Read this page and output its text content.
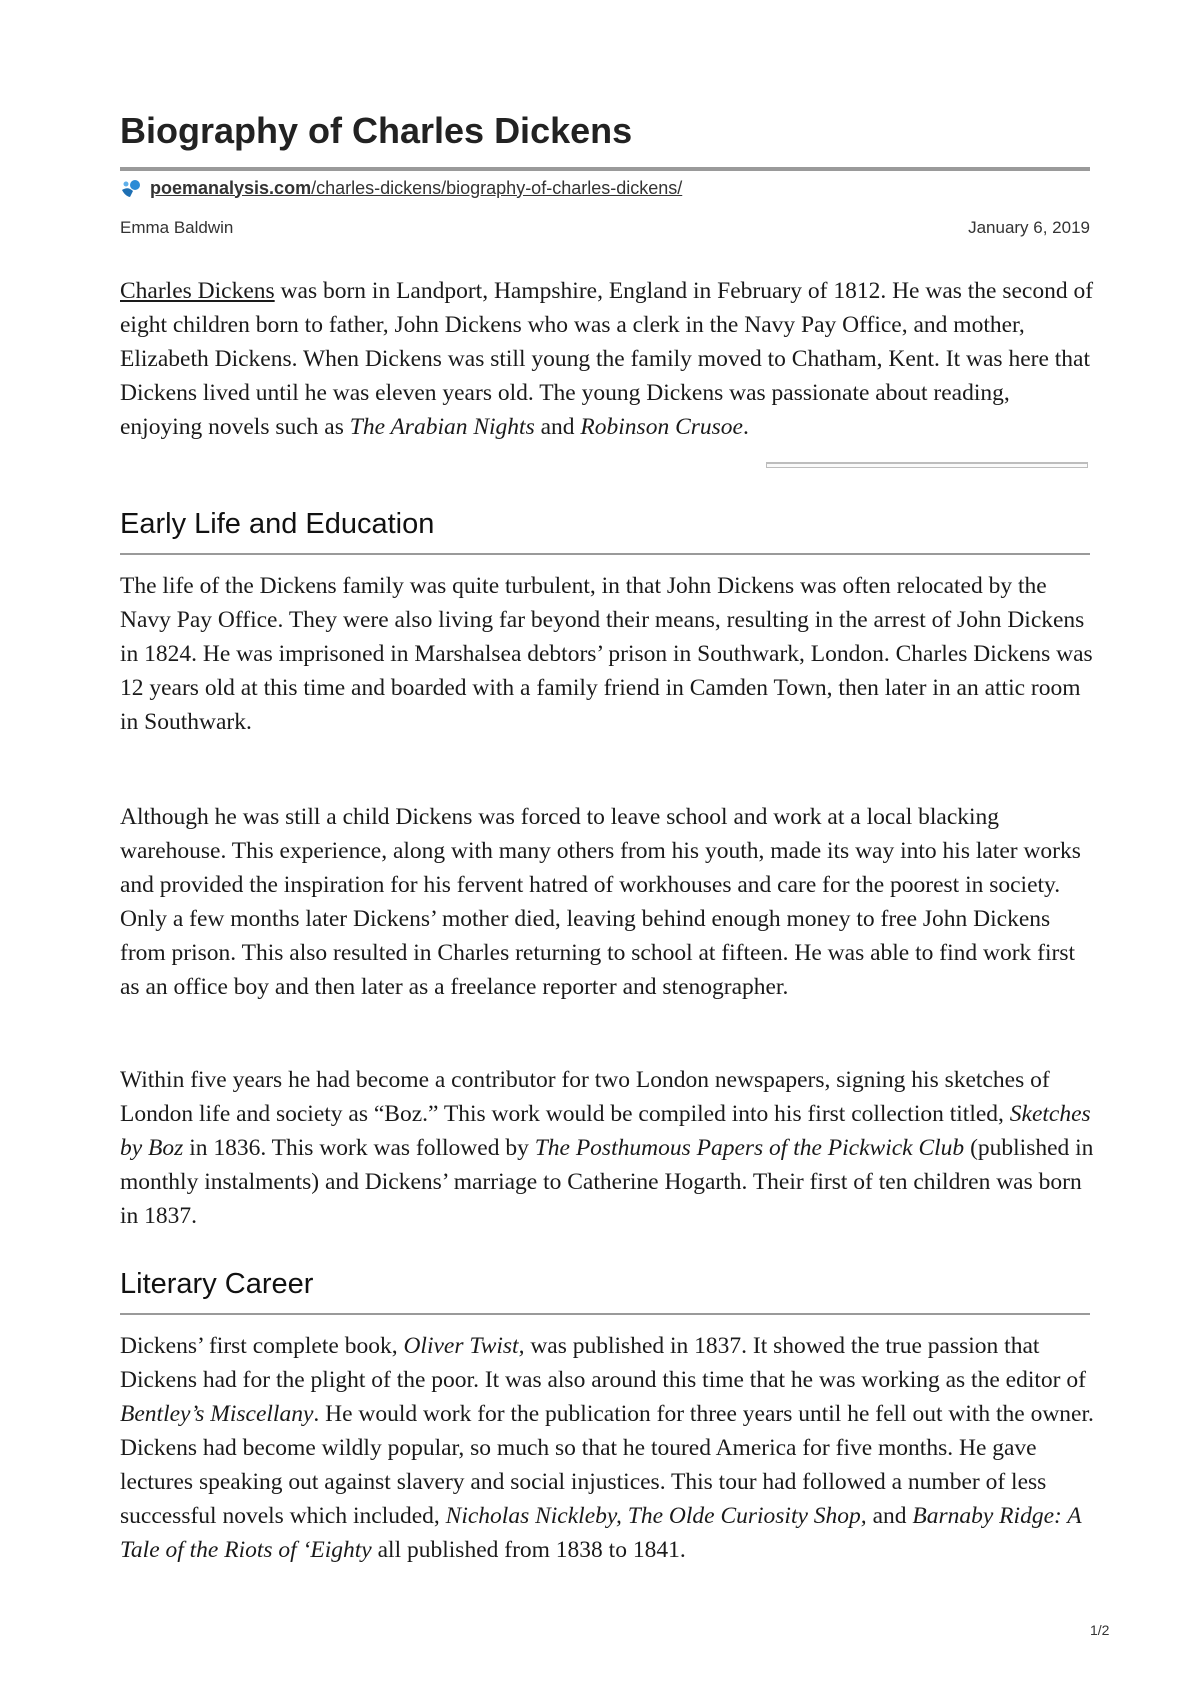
Biography of Charles Dickens
poemanalysis.com/charles-dickens/biography-of-charles-dickens/
Emma Baldwin	January 6, 2019

Charles Dickens was born in Landport, Hampshire, England in February of 1812. He was the second of eight children born to father, John Dickens who was a clerk in the Navy Pay Office, and mother, Elizabeth Dickens. When Dickens was still young the family moved to Chatham, Kent. It was here that Dickens lived until he was eleven years old. The young Dickens was passionate about reading, enjoying novels such as The Arabian Nights and Robinson Crusoe.

Early Life and Education

The life of the Dickens family was quite turbulent, in that John Dickens was often relocated by the Navy Pay Office. They were also living far beyond their means, resulting in the arrest of John Dickens in 1824. He was imprisoned in Marshalsea debtors’ prison in Southwark, London. Charles Dickens was 12 years old at this time and boarded with a family friend in Camden Town, then later in an attic room in Southwark.

Although he was still a child Dickens was forced to leave school and work at a local blacking warehouse. This experience, along with many others from his youth, made its way into his later works and provided the inspiration for his fervent hatred of workhouses and care for the poorest in society. Only a few months later Dickens’ mother died, leaving behind enough money to free John Dickens from prison. This also resulted in Charles returning to school at fifteen. He was able to find work first as an office boy and then later as a freelance reporter and stenographer.

Within five years he had become a contributor for two London newspapers, signing his sketches of London life and society as “Boz.” This work would be compiled into his first collection titled, Sketches by Boz in 1836. This work was followed by The Posthumous Papers of the Pickwick Club (published in monthly instalments) and Dickens’ marriage to Catherine Hogarth. Their first of ten children was born in 1837.

Literary Career

Dickens’ first complete book, Oliver Twist, was published in 1837. It showed the true passion that Dickens had for the plight of the poor. It was also around this time that he was working as the editor of Bentley’s Miscellany. He would work for the publication for three years until he fell out with the owner. Dickens had become wildly popular, so much so that he toured America for five months. He gave lectures speaking out against slavery and social injustices. This tour had followed a number of less successful novels which included, Nicholas Nickleby, The Olde Curiosity Shop, and Barnaby Ridge: A Tale of the Riots of ‘Eighty all published from 1838 to 1841.

1/2
